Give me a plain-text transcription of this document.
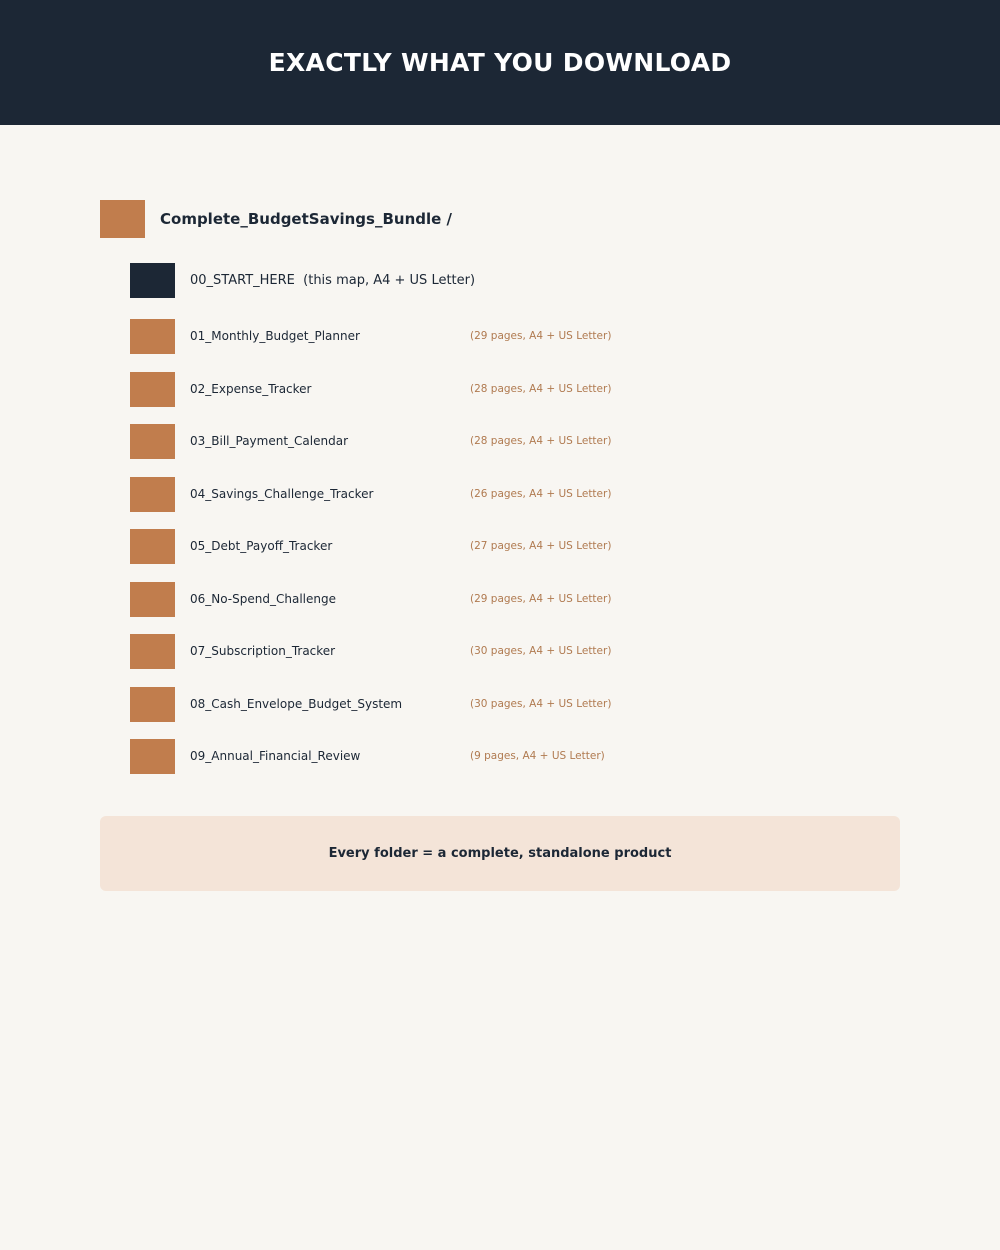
EXACTLY WHAT YOU DOWNLOAD
Complete_BudgetSavings_Bundle /
00_START_HERE  (this map, A4 + US Letter)
01_Monthly_Budget_Planner	(29 pages, A4 + US Letter)
02_Expense_Tracker	(28 pages, A4 + US Letter)
03_Bill_Payment_Calendar	(28 pages, A4 + US Letter)
04_Savings_Challenge_Tracker	(26 pages, A4 + US Letter)
05_Debt_Payoff_Tracker	(27 pages, A4 + US Letter)
06_No-Spend_Challenge	(29 pages, A4 + US Letter)
07_Subscription_Tracker	(30 pages, A4 + US Letter)
08_Cash_Envelope_Budget_System	(30 pages, A4 + US Letter)
09_Annual_Financial_Review	(9 pages, A4 + US Letter)
Every folder = a complete, standalone product
